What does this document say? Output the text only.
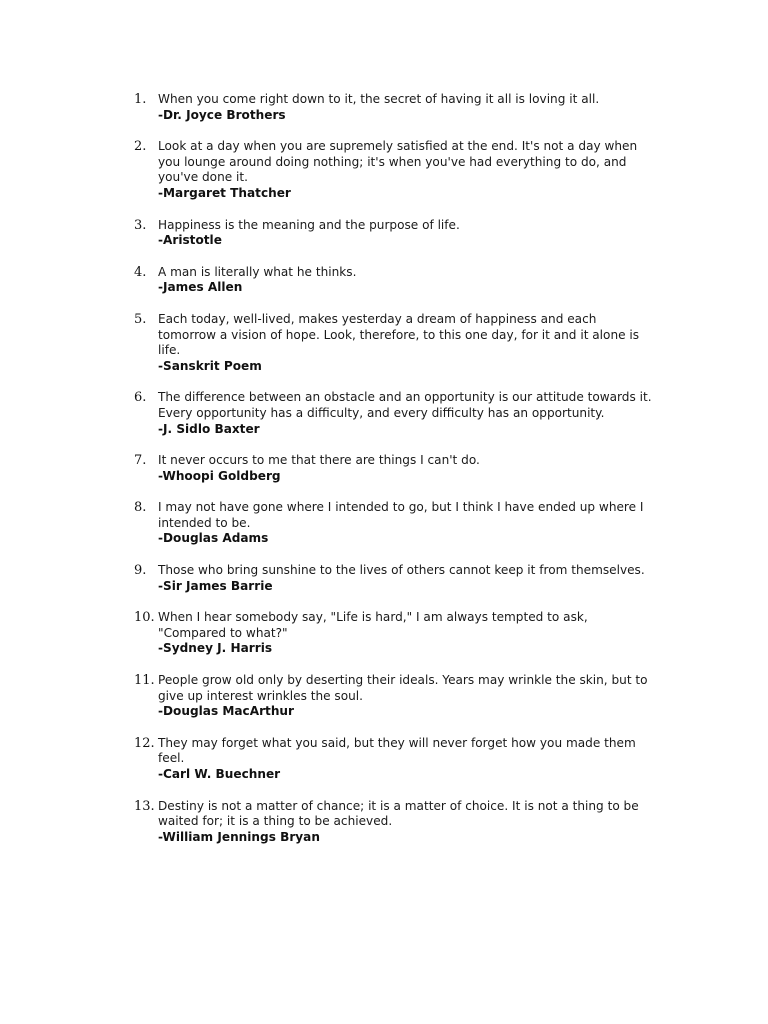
1. When you come right down to it, the secret of having it all is loving it all.
-Dr. Joyce Brothers
2. Look at a day when you are supremely satisfied at the end. It's not a day when you lounge around doing nothing; it's when you've had everything to do, and you've done it.
-Margaret Thatcher
3. Happiness is the meaning and the purpose of life.
-Aristotle
4. A man is literally what he thinks.
-James Allen
5. Each today, well-lived, makes yesterday a dream of happiness and each tomorrow a vision of hope. Look, therefore, to this one day, for it and it alone is life.
-Sanskrit Poem
6. The difference between an obstacle and an opportunity is our attitude towards it. Every opportunity has a difficulty, and every difficulty has an opportunity.
-J. Sidlo Baxter
7. It never occurs to me that there are things I can't do.
-Whoopi Goldberg
8. I may not have gone where I intended to go, but I think I have ended up where I intended to be.
-Douglas Adams
9. Those who bring sunshine to the lives of others cannot keep it from themselves.
-Sir James Barrie
10. When I hear somebody say, "Life is hard," I am always tempted to ask, "Compared to what?"
-Sydney J. Harris
11. People grow old only by deserting their ideals. Years may wrinkle the skin, but to give up interest wrinkles the soul.
-Douglas MacArthur
12. They may forget what you said, but they will never forget how you made them feel.
-Carl W. Buechner
13. Destiny is not a matter of chance; it is a matter of choice. It is not a thing to be waited for; it is a thing to be achieved.
-William Jennings Bryan
